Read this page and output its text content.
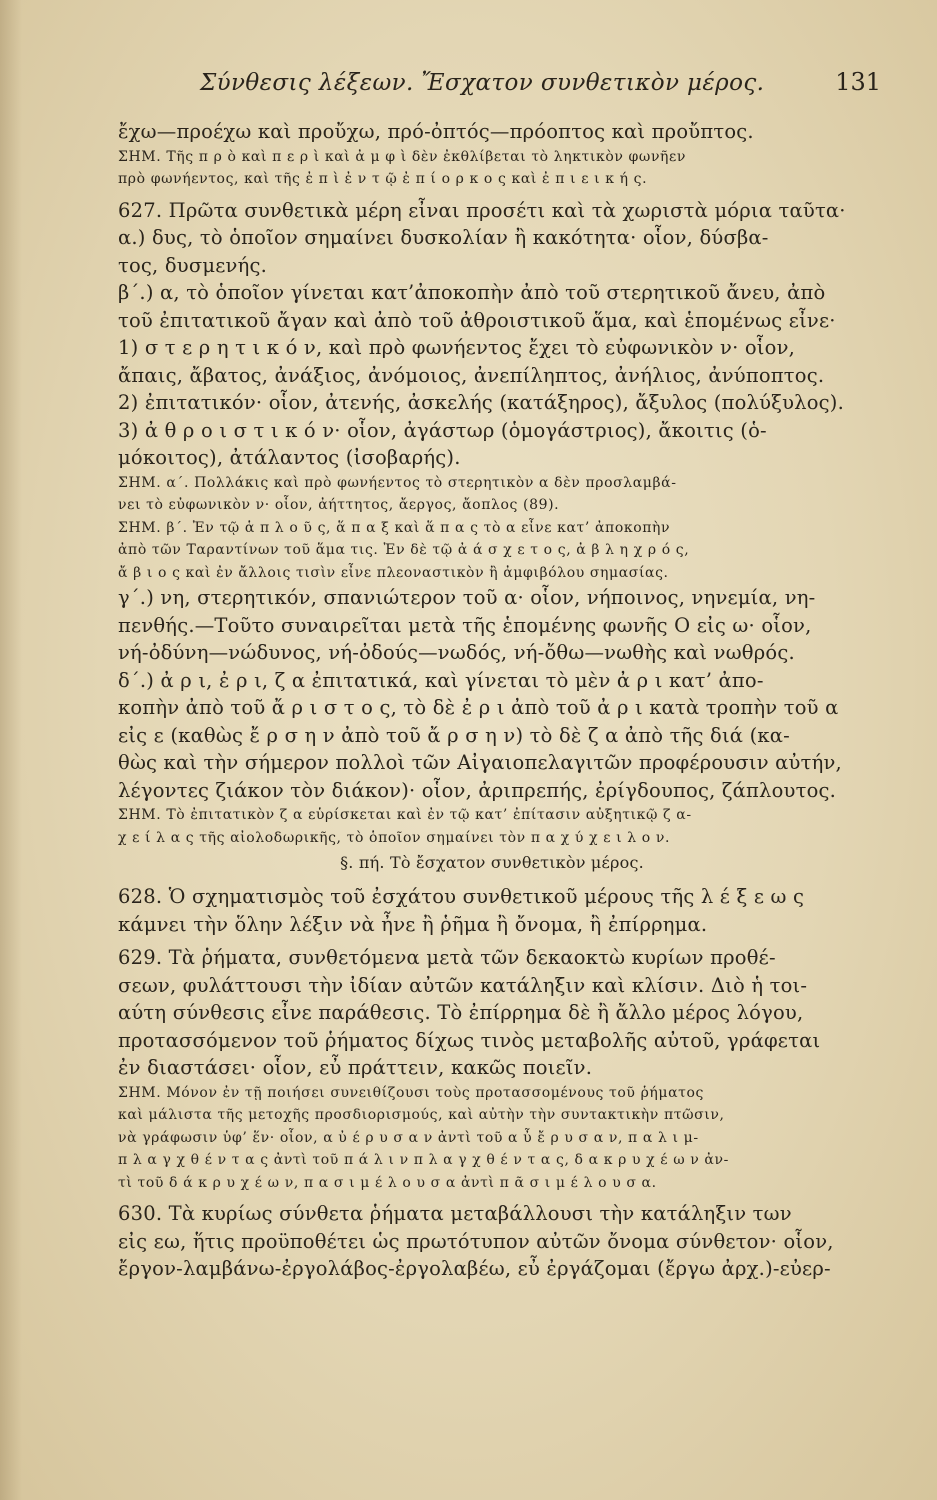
Σύνθεσις λέξεων. Ἔσχατον συνθετικὸν μέρος.	131
ἔχω—προέχω καὶ προὔχω, πρό-ὀπτός—πρόοπτος καὶ προὔπτος.
ΣΗΜ. Τῆς π ρ ὸ καὶ π ε ρ ὶ καὶ ἀ μ φ ὶ δὲν ἐκθλίβεται τὸ ληκτικὸν φωνῆεν
πρὸ φωνήεντος, καὶ τῆς ἐ π ὶ ἐ ν τ ῷ ἐ π ί ο ρ κ ο ς καὶ ἐ π ι ε ι κ ή ς.
627. Πρῶτα συνθετικὰ μέρη εἶναι προσέτι καὶ τὰ χωριστὰ μόρια ταῦτα·
α.) δυς, τὸ ὁποῖον σημαίνει δυσκολίαν ἢ κακότητα· οἷον, δύσβα-
τος, δυσμενής.
β΄.) α, τὸ ὁποῖον γίνεται κατ’ἀποκοπὴν ἀπὸ τοῦ στερητικοῦ ἄνευ, ἀπὸ
τοῦ ἐπιτατικοῦ ἄγαν καὶ ἀπὸ τοῦ ἀθροιστικοῦ ἅμα, καὶ ἑπομένως εἶνε·
1) σ τ ε ρ η τ ι κ ό ν, καὶ πρὸ φωνήεντος ἔχει τὸ εὐφωνικὸν ν· οἷον,
ἄπαις, ἄβατος, ἀνάξιος, ἀνόμοιος, ἀνεπίληπτος, ἀνήλιος, ἀνύποπτος.
2) ἐπιτατικόν· οἷον, ἀτενής, ἀσκελής (κατάξηρος), ἄξυλος (πολύξυλος).
3) ἀ θ ρ ο ι σ τ ι κ ό ν· οἷον, ἀγάστωρ (ὁμογάστριος), ἄκοιτις (ὁ-
μόκοιτος), ἀτάλαντος (ἰσοβαρής).
ΣΗΜ. α΄. Πολλάκις καὶ πρὸ φωνήεντος τὸ στερητικὸν α δὲν προσλαμβά-
νει τὸ εὐφωνικὸν ν· οἷον, ἀήττητος, ἄεργος, ἄοπλος (89).
ΣΗΜ. β΄. Ἐν τῷ ἁ π λ ο ῦ ς, ἅ π α ξ καὶ ἅ π α ς τὸ α εἶνε κατ’ ἀποκοπὴν
ἀπὸ τῶν Ταραντίνων τοῦ ἅμα τις. Ἐν δὲ τῷ ἀ ά σ χ ε τ ο ς, ἀ β λ η χ ρ ό ς,
ἄ β ι ο ς καὶ ἐν ἄλλοις τισὶν εἶνε πλεοναστικὸν ἢ ἀμφιβόλου σημασίας.
γ΄.) νη, στερητικόν, σπανιώτερον τοῦ α· οἷον, νήποινος, νηνεμία, νη-
πενθής.—Τοῦτο συναιρεῖται μετὰ τῆς ἑπομένης φωνῆς Ο εἰς ω· οἷον,
νή-ὀδύνη—νώδυνος, νή-ὀδούς—νωδός, νή-ὄθω—νωθὴς καὶ νωθρός.
δ΄.) ἀ ρ ι, ἐ ρ ι, ζ α ἐπιτατικά, καὶ γίνεται τὸ μὲν ἀ ρ ι κατ’ ἀπο-
κοπὴν ἀπὸ τοῦ ἄ ρ ι σ τ ο ς, τὸ δὲ ἐ ρ ι ἀπὸ τοῦ ἀ ρ ι κατὰ τροπὴν τοῦ α
εἰς ε (καθὼς ἔ ρ σ η ν ἀπὸ τοῦ ἄ ρ σ η ν) τὸ δὲ ζ α ἀπὸ τῆς διά (κα-
θὼς καὶ τὴν σήμερον πολλοὶ τῶν Αἰγαιοπελαγιτῶν προφέρουσιν αὐτήν,
λέγοντες ζιάκον τὸν διάκον)· οἷον, ἀριπρεπής, ἐρίγδουπος, ζάπλουτος.
ΣΗΜ. Τὸ ἐπιτατικὸν ζ α εὑρίσκεται καὶ ἐν τῷ κατ’ ἐπίτασιν αὐξητικῷ ζ α-
χ ε ί λ α ς τῆς αἰολοδωρικῆς, τὸ ὁποῖον σημαίνει τὸν π α χ ύ χ ε ι λ ο ν.
§. πή. Τὸ ἔσχατον συνθετικὸν μέρος.
628. Ὁ σχηματισμὸς τοῦ ἐσχάτου συνθετικοῦ μέρους τῆς λ έ ξ ε ω ς
κάμνει τὴν ὅλην λέξιν νὰ ἦνε ἢ ῥῆμα ἢ ὄνομα, ἢ ἐπίρρημα.
629. Τὰ ῥήματα, συνθετόμενα μετὰ τῶν δεκαοκτὼ κυρίων προθέ-
σεων, φυλάττουσι τὴν ἰδίαν αὐτῶν κατάληξιν καὶ κλίσιν. Διὸ ἡ τοι-
αύτη σύνθεσις εἶνε παράθεσις. Τὸ ἐπίρρημα δὲ ἢ ἄλλο μέρος λόγου,
προτασσόμενον τοῦ ῥήματος δίχως τινὸς μεταβολῆς αὐτοῦ, γράφεται
ἐν διαστάσει· οἷον, εὖ πράττειν, κακῶς ποιεῖν.
ΣΗΜ. Μόνον ἐν τῇ ποιήσει συνειθίζουσι τοὺς προτασσομένους τοῦ ῥήματος
καὶ μάλιστα τῆς μετοχῆς προσδιορισμούς, καὶ αὐτὴν τὴν συντακτικὴν πτῶσιν,
νὰ γράφωσιν ὑφ’ ἕν· οἷον, α ὐ έ ρ υ σ α ν ἀντὶ τοῦ α ὖ ἔ ρ υ σ α ν, π α λ ι μ-
π λ α γ χ θ έ ν τ α ς ἀντὶ τοῦ π ά λ ι ν π λ α γ χ θ έ ν τ α ς, δ α κ ρ υ χ έ ω ν ἀν-
τὶ τοῦ δ ά κ ρ υ χ έ ω ν, π α σ ι μ έ λ ο υ σ α ἀντὶ π ᾶ σ ι μ έ λ ο υ σ α.
630. Τὰ κυρίως σύνθετα ῥήματα μεταβάλλουσι τὴν κατάληξιν των
εἰς εω, ἥτις προϋποθέτει ὡς πρωτότυπον αὐτῶν ὄνομα σύνθετον· οἷον,
ἔργον-λαμβάνω-ἐργολάβος-ἐργολαβέω, εὖ ἐργάζομαι (ἔργω ἀρχ.)-εὐερ-
